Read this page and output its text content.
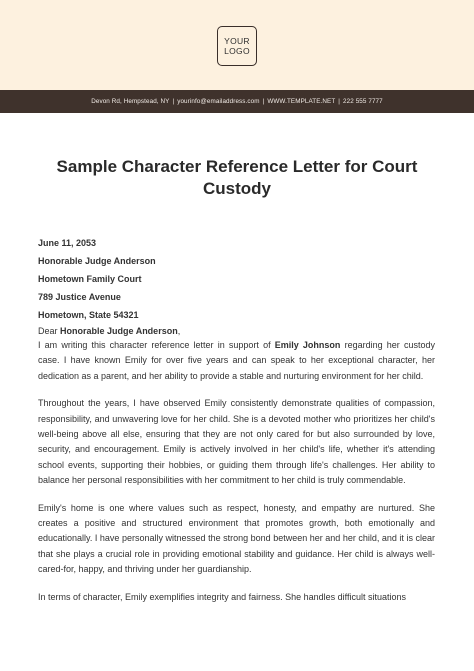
YOUR
LOGO
Devon Rd, Hempstead, NY | yourinfo@emailaddress.com | WWW.TEMPLATE.NET | 222 555 7777
Sample Character Reference Letter for Court Custody

June 11, 2053

Honorable Judge Anderson

Hometown Family Court

789 Justice Avenue

Hometown, State 54321

Dear Honorable Judge Anderson,

I am writing this character reference letter in support of Emily Johnson regarding her custody case. I have known Emily for over five years and can speak to her exceptional character, her dedication as a parent, and her ability to provide a stable and nurturing environment for her child.

Throughout the years, I have observed Emily consistently demonstrate qualities of compassion, responsibility, and unwavering love for her child. She is a devoted mother who prioritizes her child's well-being above all else, ensuring that they are not only cared for but also surrounded by love, security, and encouragement. Emily is actively involved in her child's life, whether it's attending school events, supporting their hobbies, or guiding them through life's challenges. Her ability to balance her personal responsibilities with her commitment to her child is truly commendable.

Emily's home is one where values such as respect, honesty, and empathy are nurtured. She creates a positive and structured environment that promotes growth, both emotionally and educationally. I have personally witnessed the strong bond between her and her child, and it is clear that she plays a crucial role in providing emotional stability and guidance. Her child is always well-cared-for, happy, and thriving under her guardianship.

In terms of character, Emily exemplifies integrity and fairness. She handles difficult situations
